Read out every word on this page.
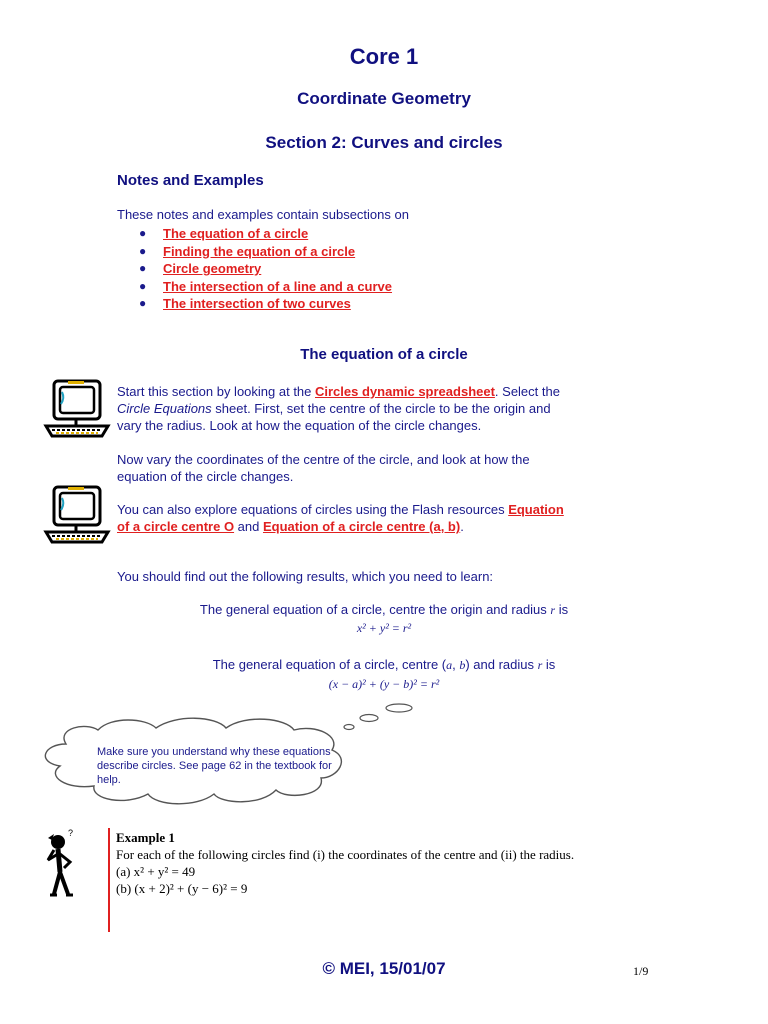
Core 1
Coordinate Geometry
Section 2: Curves and circles
Notes and Examples
These notes and examples contain subsections on
● The equation of a circle
● Finding the equation of a circle
● Circle geometry
● The intersection of a line and a curve
● The intersection of two curves
The equation of a circle
Start this section by looking at the Circles dynamic spreadsheet. Select the
Circle Equations sheet. First, set the centre of the circle to be the origin and
vary the radius. Look at how the equation of the circle changes.
Now vary the coordinates of the centre of the circle, and look at how the
equation of the circle changes.
You can also explore equations of circles using the Flash resources Equation
of a circle centre O and Equation of a circle centre (a, b).
You should find out the following results, which you need to learn:
The general equation of a circle, centre the origin and radius r is
x² + y² = r²
The general equation of a circle, centre (a, b) and radius r is
(x − a)² + (y − b)² = r²
Make sure you understand why these equations describe circles. See page 62 in the textbook for help.
?	Example 1
For each of the following circles find (i) the coordinates of the centre and (ii) the radius.
(a) x² + y² = 49
(b) (x + 2)² + (y − 6)² = 9
© MEI, 15/01/07	1/9
